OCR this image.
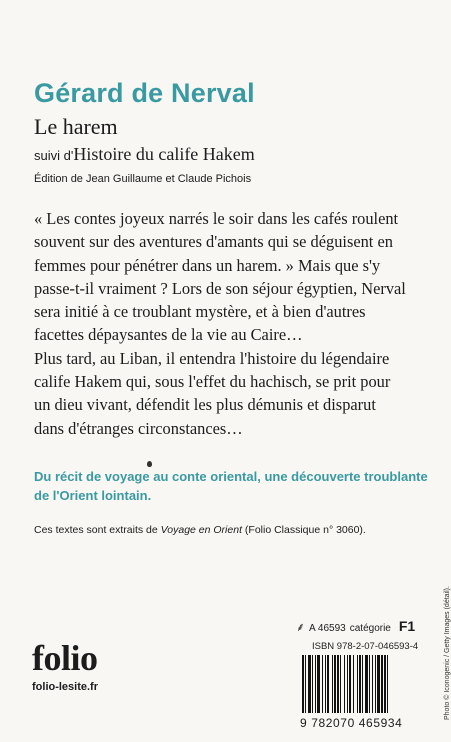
Gérard de Nerval
Le harem
suivi d'Histoire du calife Hakem
Édition de Jean Guillaume et Claude Pichois
« Les contes joyeux narrés le soir dans les cafés roulent
souvent sur des aventures d'amants qui se déguisent en
femmes pour pénétrer dans un harem. » Mais que s'y
passe-t-il vraiment ? Lors de son séjour égyptien, Nerval
sera initié à ce troublant mystère, et à bien d'autres
facettes dépaysantes de la vie au Caire…
Plus tard, au Liban, il entendra l'histoire du légendaire
calife Hakem qui, sous l'effet du hachisch, se prit pour
un dieu vivant, défendit les plus démunis et disparut
dans d'étranges circonstances…
Du récit de voyage au conte oriental, une découverte troublante
de l'Orient lointain.
Ces textes sont extraits de Voyage en Orient (Folio Classique n° 3060).
folio
folio-lesite.fr
⸙ A 46593 catégorie F1
ISBN 978-2-07-046593-4
9 782070 465934
Photo © Iconogenic / Getty Images (détail).
